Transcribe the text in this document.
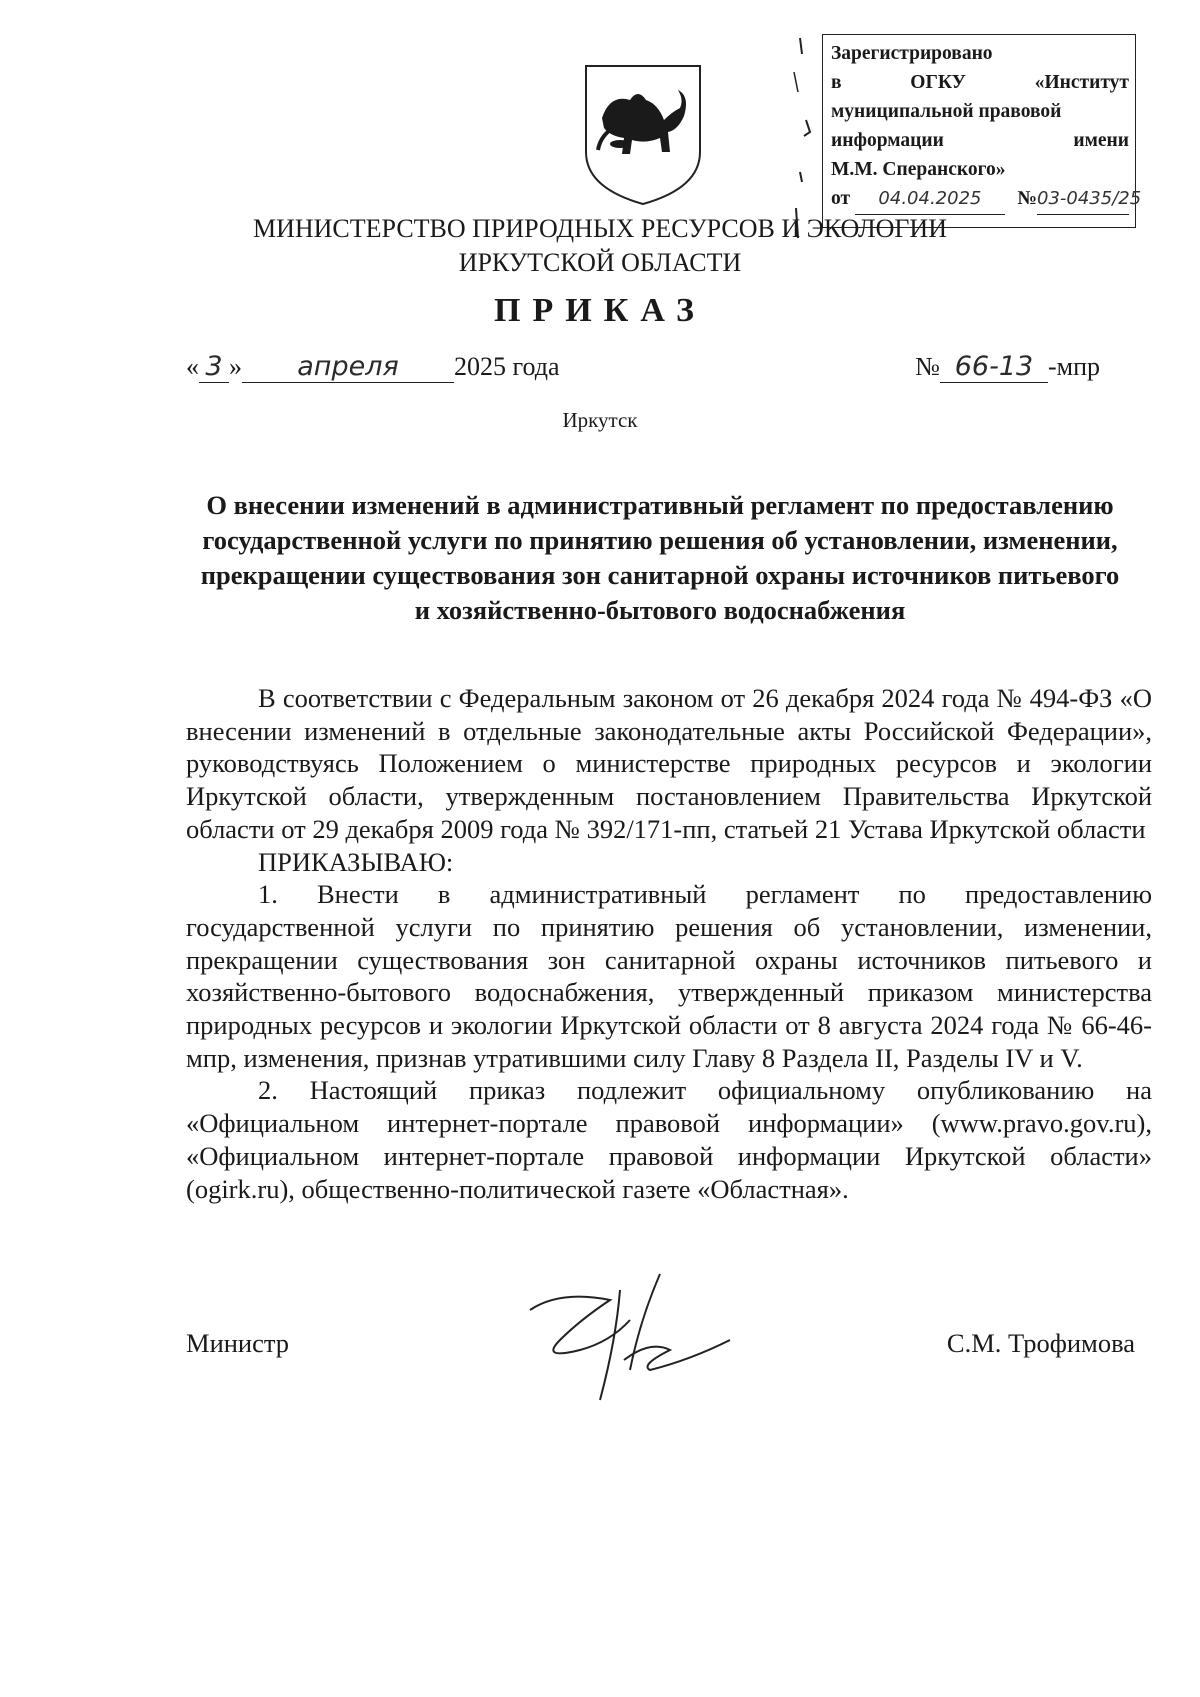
Зарегистрировано
в	ОГКУ	«Институт
муниципальной правовой
информации	имени
М.М. Сперанского»
от 04.04.2025	№03-0435/25
МИНИСТЕРСТВО ПРИРОДНЫХ РЕСУРСОВ И ЭКОЛОГИИ
ИРКУТСКОЙ ОБЛАСТИ
ПРИКАЗ
« 3 » апреля 2025 года	№ 66-13 -мпр
Иркутск
О внесении изменений в административный регламент по предоставлению государственной услуги по принятию решения об установлении, изменении, прекращении существования зон санитарной охраны источников питьевого и хозяйственно-бытового водоснабжения

В соответствии с Федеральным законом от 26 декабря 2024 года № 494-ФЗ «О внесении изменений в отдельные законодательные акты Российской Федерации», руководствуясь Положением о министерстве природных ресурсов и экологии Иркутской области, утвержденным постановлением Правительства Иркутской области от 29 декабря 2009 года № 392/171-пп, статьей 21 Устава Иркутской области

ПРИКАЗЫВАЮ:

1. Внести в административный регламент по предоставлению государственной услуги по принятию решения об установлении, изменении, прекращении существования зон санитарной охраны источников питьевого и хозяйственно-бытового водоснабжения, утвержденный приказом министерства природных ресурсов и экологии Иркутской области от 8 августа 2024 года № 66-46-мпр, изменения, признав утратившими силу Главу 8 Раздела II, Разделы IV и V.

2. Настоящий приказ подлежит официальному опубликованию на «Официальном интернет-портале правовой информации» (www.pravo.gov.ru), «Официальном интернет-портале правовой информации Иркутской области» (ogirk.ru), общественно-политической газете «Областная».

Министр	С.М. Трофимова
